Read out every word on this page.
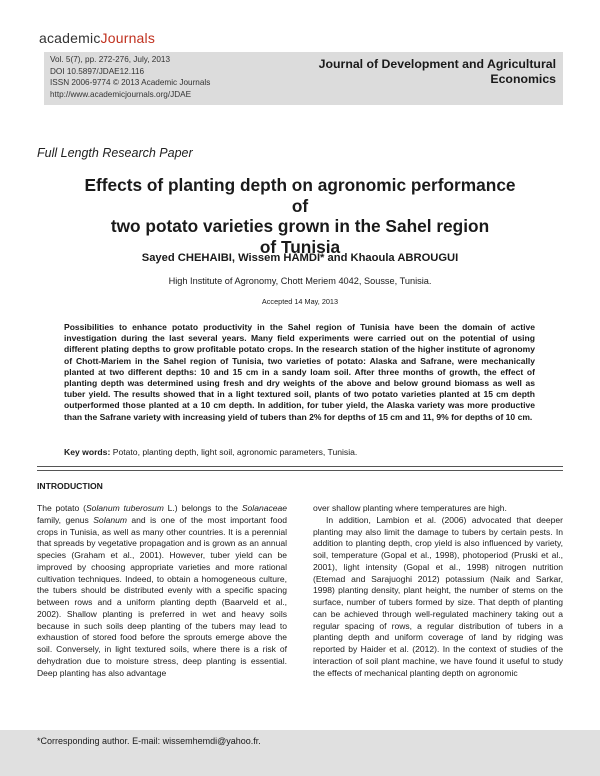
academicJournals
Vol. 5(7), pp. 272-276, July, 2013
DOI 10.5897/JDAE12.116
ISSN 2006-9774 © 2013 Academic Journals
http://www.academicjournals.org/JDAE
Journal of Development and Agricultural
Economics
Full Length Research Paper
Effects of planting depth on agronomic performance of
two potato varieties grown in the Sahel region
of Tunisia
Sayed CHEHAIBI, Wissem HAMDI* and Khaoula ABROUGUI
High Institute of Agronomy, Chott Meriem 4042, Sousse, Tunisia.
Accepted 14 May, 2013
Possibilities to enhance potato productivity in the Sahel region of Tunisia have been the domain of active investigation during the last several years. Many field experiments were carried out on the potential of using different plating depths to grow profitable potato crops. In the research station of the higher institute of agronomy of Chott-Mariem in the Sahel region of Tunisia, two varieties of potato: Alaska and Safrane, were mechanically planted at two different depths: 10 and 15 cm in a sandy loam soil. After three months of growth, the effect of planting depth was determined using fresh and dry weights of the above and below ground biomass as well as tuber yield. The results showed that in a light textured soil, plants of two potato varieties planted at 15 cm depth outperformed those planted at a 10 cm depth. In addition, for tuber yield, the Alaska variety was more productive than the Safrane variety with increasing yield of tubers than 2% for depths of 15 cm and 11, 9% for depths of 10 cm.
Key words: Potato, planting depth, light soil, agronomic parameters, Tunisia.
INTRODUCTION

The potato (Solanum tuberosum L.) belongs to the Solanaceae family, genus Solanum and is one of the most important food crops in Tunisia, as well as many other countries. It is a perennial that spreads by vegetative propagation and is grown as an annual species (Graham et al., 2001). However, tuber yield can be improved by choosing appropriate varieties and more rational cultivation techniques. Indeed, to obtain a homogeneous culture, the tubers should be distributed evenly with a specific spacing between rows and a uniform planting depth (Baarveld et al., 2002). Shallow planting is preferred in wet and heavy soils because in such soils deep planting of the tubers may lead to exhaustion of stored food before the sprouts emerge above the soil. Conversely, in light textured soils, where there is a risk of dehydration due to moisture stress, deep planting is essential. Deep planting has also advantage

over shallow planting where temperatures are high.

In addition, Lambion et al. (2006) advocated that deeper planting may also limit the damage to tubers by certain pests. In addition to planting depth, crop yield is also influenced by variety, soil, temperature (Gopal et al., 1998), photoperiod (Pruski et al., 2001), light intensity (Gopal et al., 1998) nitrogen nutrition (Etemad and Sarajuoghi 2012) potassium (Naik and Sarkar, 1998) planting density, plant height, the number of stems on the surface, number of tubers formed by size. That depth of planting can be achieved through well-regulated machinery taking out a regular spacing of rows, a regular distribution of tubers in a planting depth and uniform coverage of land by ridging was reported by Haider et al. (2012). In the context of studies of the interaction of soil plant machine, we have found it useful to study the effects of mechanical planting depth on agronomic

*Corresponding author. E-mail: wissemhemdi@yahoo.fr.
